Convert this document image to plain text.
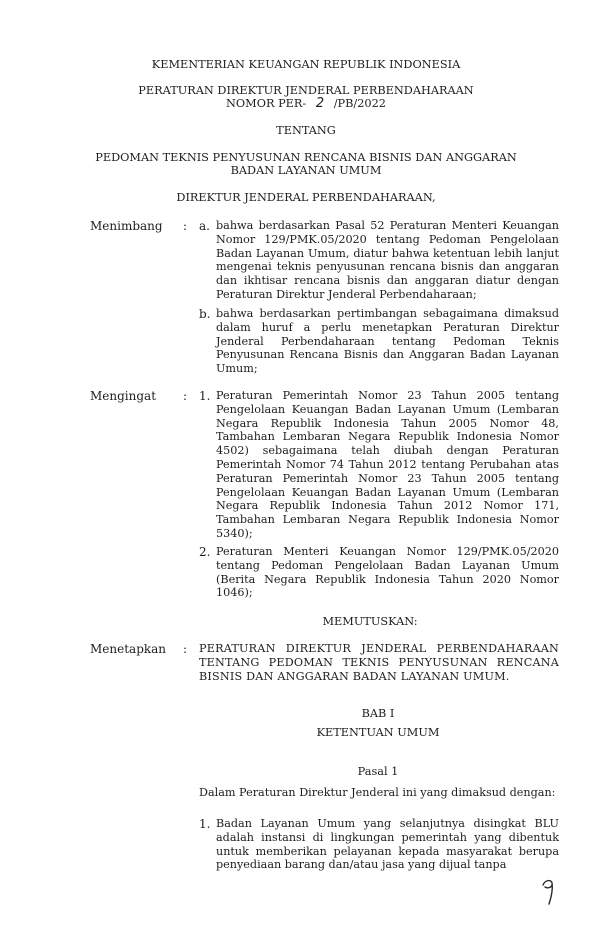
KEMENTERIAN KEUANGAN REPUBLIK INDONESIA
PERATURAN DIREKTUR JENDERAL PERBENDAHARAAN
NOMOR PER- 2 /PB/2022
TENTANG
PEDOMAN TEKNIS PENYUSUNAN RENCANA BISNIS DAN ANGGARAN
BADAN LAYANAN UMUM
DIREKTUR JENDERAL PERBENDAHARAAN,
Menimbang : a. bahwa berdasarkan Pasal 52 Peraturan Menteri Keuangan Nomor 129/PMK.05/2020 tentang Pedoman Pengelolaan Badan Layanan Umum, diatur bahwa ketentuan lebih lanjut mengenai teknis penyusunan rencana bisnis dan anggaran dan ikhtisar rencana bisnis dan anggaran diatur dengan Peraturan Direktur Jenderal Perbendaharaan;
b. bahwa berdasarkan pertimbangan sebagaimana dimaksud dalam huruf a perlu menetapkan Peraturan Direktur Jenderal Perbendaharaan tentang Pedoman Teknis Penyusunan Rencana Bisnis dan Anggaran Badan Layanan Umum;
Mengingat : 1. Peraturan Pemerintah Nomor 23 Tahun 2005 tentang Pengelolaan Keuangan Badan Layanan Umum (Lembaran Negara Republik Indonesia Tahun 2005 Nomor 48, Tambahan Lembaran Negara Republik Indonesia Nomor 4502) sebagaimana telah diubah dengan Peraturan Pemerintah Nomor 74 Tahun 2012 tentang Perubahan atas Peraturan Pemerintah Nomor 23 Tahun 2005 tentang Pengelolaan Keuangan Badan Layanan Umum (Lembaran Negara Republik Indonesia Tahun 2012 Nomor 171, Tambahan Lembaran Negara Republik Indonesia Nomor 5340);
2. Peraturan Menteri Keuangan Nomor 129/PMK.05/2020 tentang Pedoman Pengelolaan Badan Layanan Umum (Berita Negara Republik Indonesia Tahun 2020 Nomor 1046);
MEMUTUSKAN:
Menetapkan : PERATURAN DIREKTUR JENDERAL PERBENDAHARAAN TENTANG PEDOMAN TEKNIS PENYUSUNAN RENCANA BISNIS DAN ANGGARAN BADAN LAYANAN UMUM.
BAB I
KETENTUAN UMUM
Pasal 1
Dalam Peraturan Direktur Jenderal ini yang dimaksud dengan:
1. Badan Layanan Umum yang selanjutnya disingkat BLU adalah instansi di lingkungan pemerintah yang dibentuk untuk memberikan pelayanan kepada masyarakat berupa penyediaan barang dan/atau jasa yang dijual tanpa
